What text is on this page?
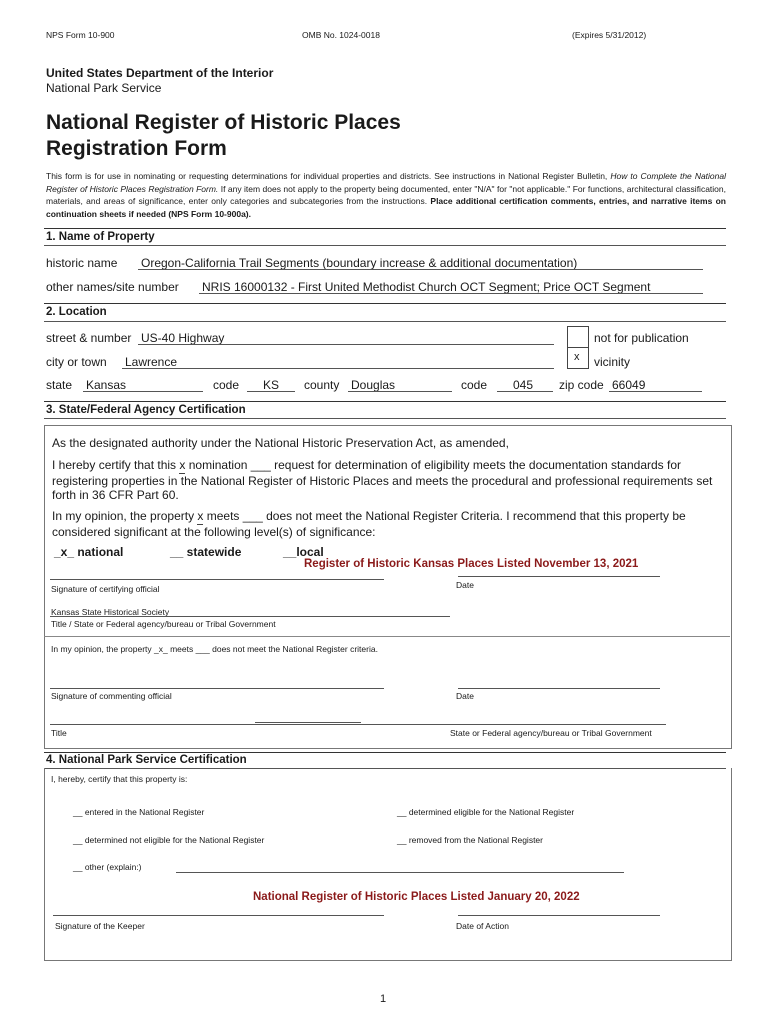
NPS Form 10-900	OMB No. 1024-0018	(Expires 5/31/2012)
United States Department of the Interior
National Park Service
National Register of Historic Places
Registration Form
This form is for use in nominating or requesting determinations for individual properties and districts. See instructions in National Register Bulletin, How to Complete the National Register of Historic Places Registration Form. If any item does not apply to the property being documented, enter "N/A" for "not applicable." For functions, architectural classification, materials, and areas of significance, enter only categories and subcategories from the instructions. Place additional certification comments, entries, and narrative items on continuation sheets if needed (NPS Form 10-900a).
1. Name of Property
historic name Oregon-California Trail Segments (boundary increase & additional documentation)
other names/site number NRIS 16000132 - First United Methodist Church OCT Segment; Price OCT Segment
2. Location
street & number US-40 Highway	not for publication
city or town Lawrence	x vicinity
state Kansas	code KS county Douglas	code 045 zip code 66049
3. State/Federal Agency Certification
As the designated authority under the National Historic Preservation Act, as amended,
I hereby certify that this x nomination ___ request for determination of eligibility meets the documentation standards for registering properties in the National Register of Historic Places and meets the procedural and professional requirements set forth in 36 CFR Part 60.
In my opinion, the property x meets ___ does not meet the National Register Criteria. I recommend that this property be considered significant at the following level(s) of significance:
_x_ national	__ statewide	__local
Register of Historic Kansas Places Listed November 13, 2021
Signature of certifying official	Date
Kansas State Historical Society
Title / State or Federal agency/bureau or Tribal Government
In my opinion, the property _x_ meets ___ does not meet the National Register criteria.
Signature of commenting official	Date
Title	State or Federal agency/bureau or Tribal Government
4. National Park Service Certification
I, hereby, certify that this property is:
__ entered in the National Register	__ determined eligible for the National Register
__ determined not eligible for the National Register	__ removed from the National Register
__ other (explain:)
National Register of Historic Places Listed January 20, 2022
Signature of the Keeper	Date of Action
1
